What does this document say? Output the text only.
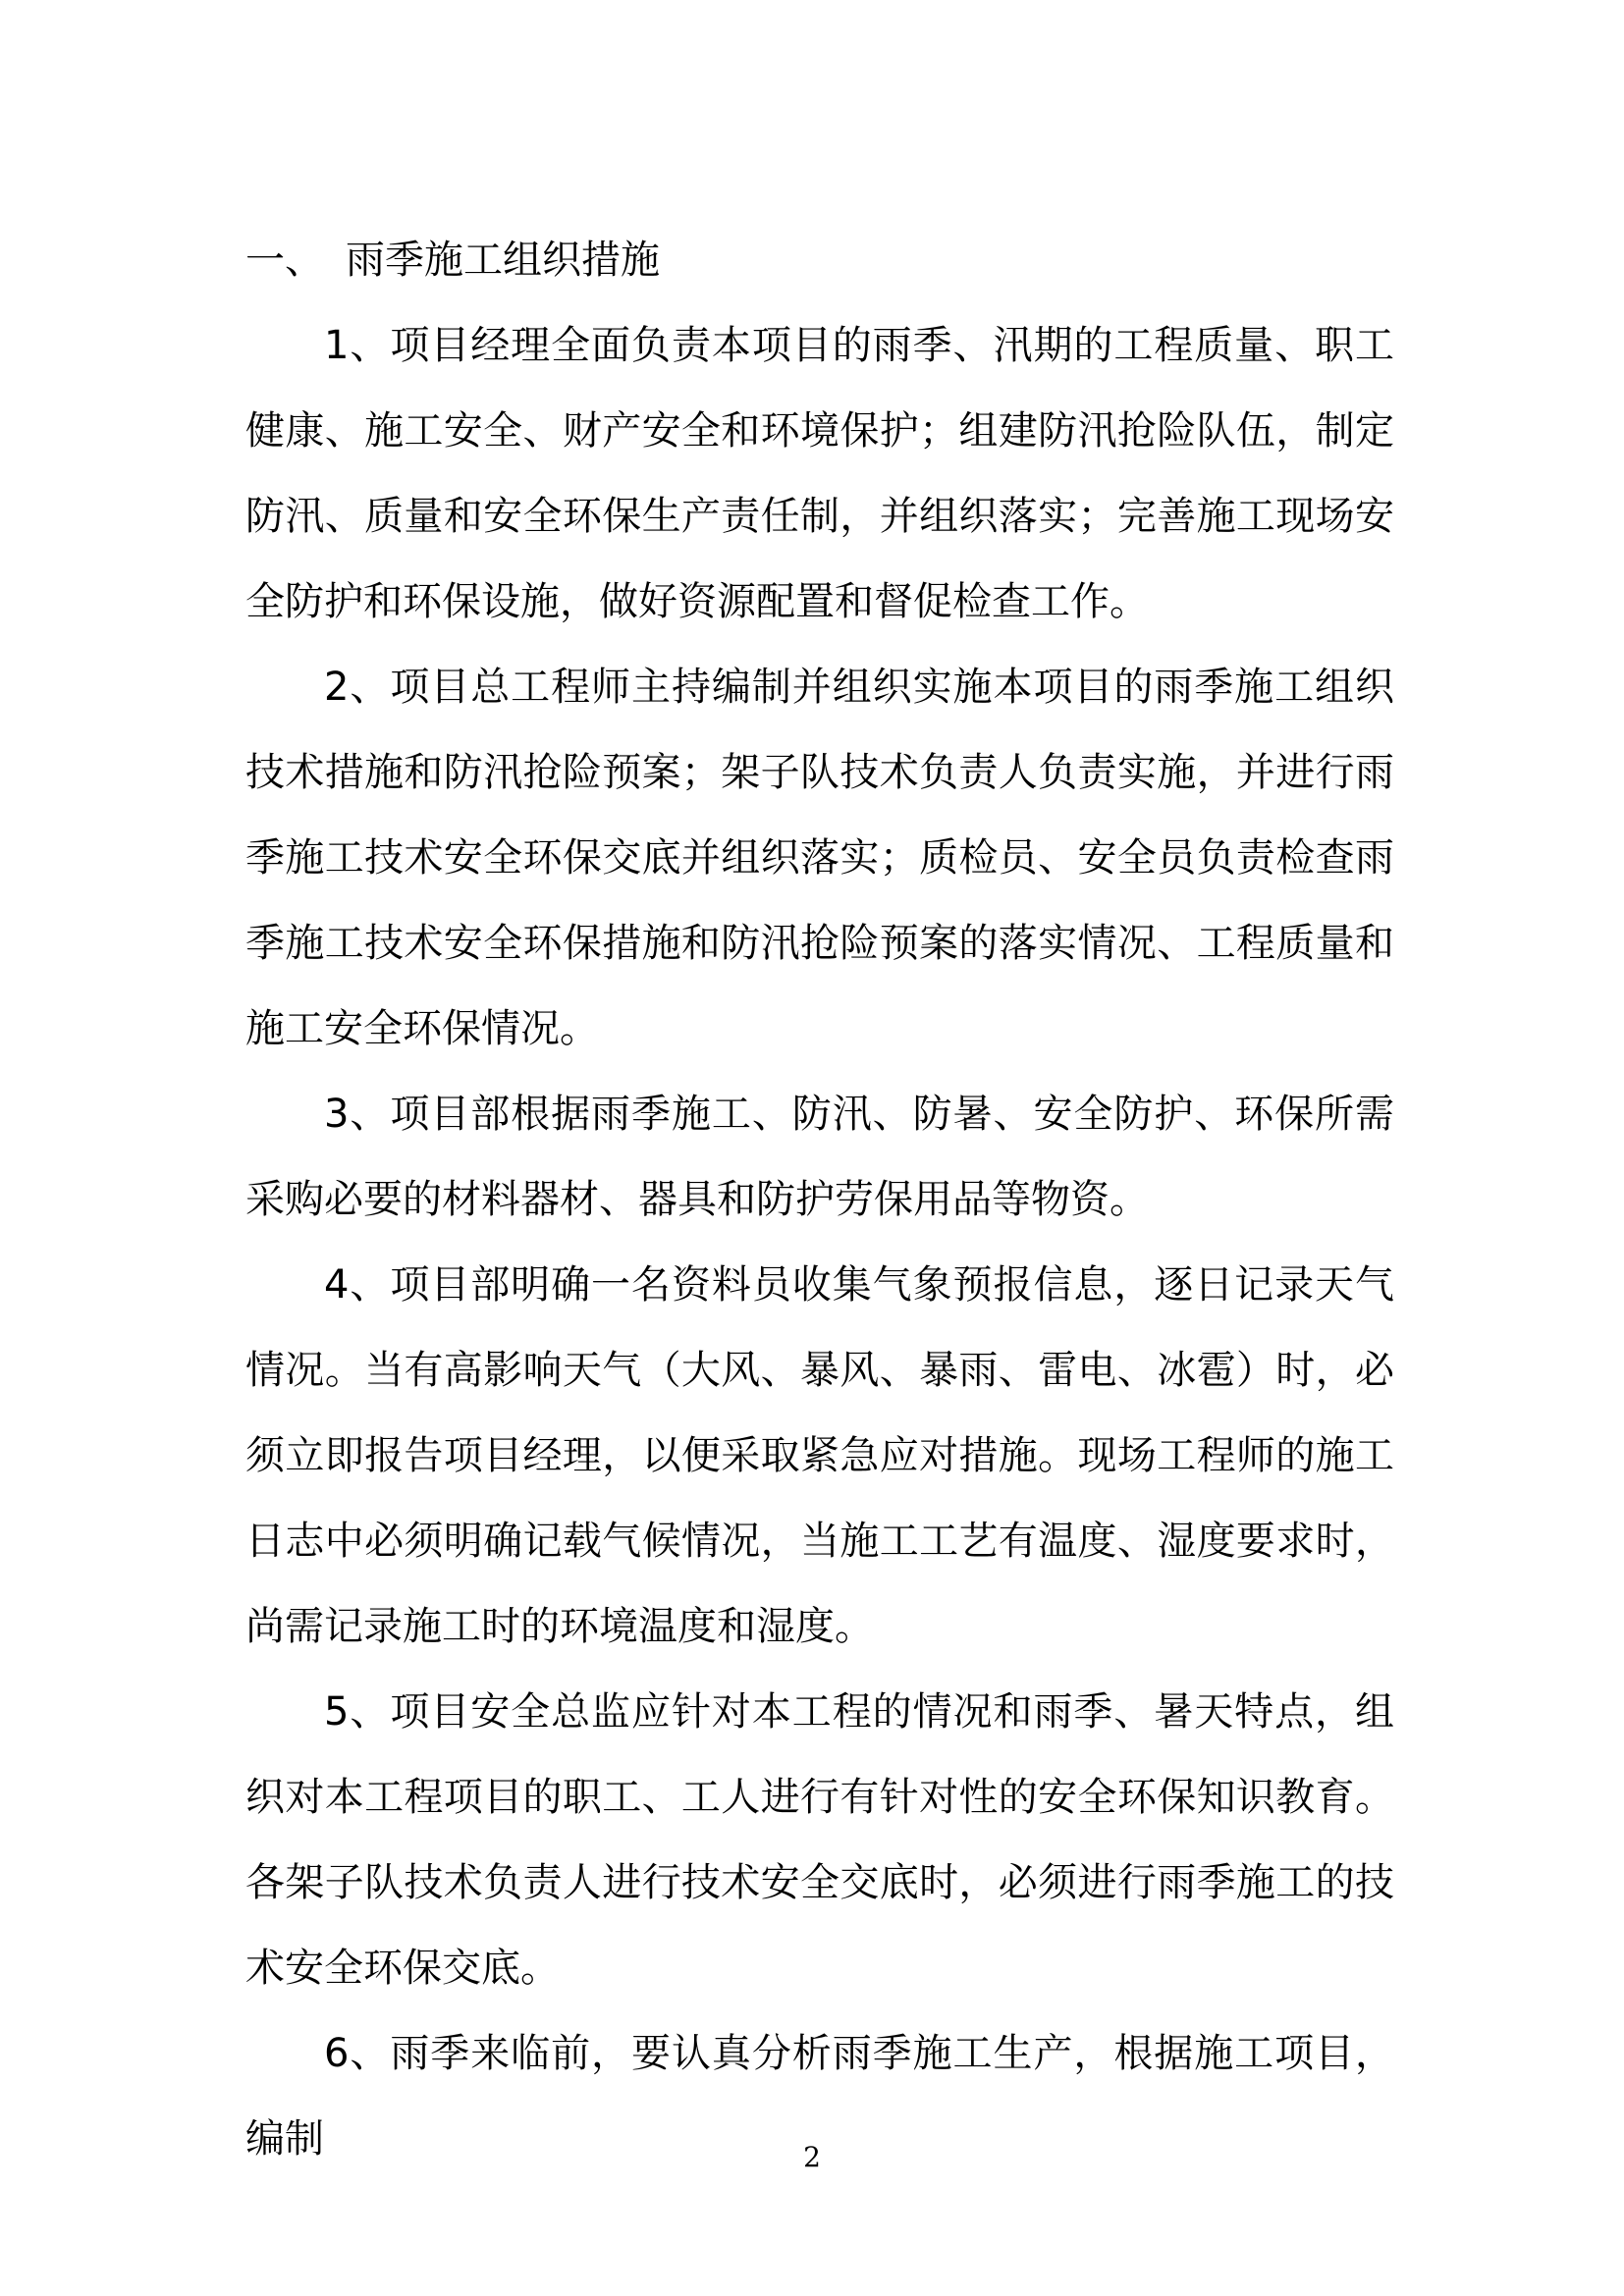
一、 雨季施工组织措施

1、项目经理全面负责本项目的雨季、汛期的工程质量、职工健康、施工安全、财产安全和环境保护；组建防汛抢险队伍，制定防汛、质量和安全环保生产责任制，并组织落实；完善施工现场安全防护和环保设施，做好资源配置和督促检查工作。

2、项目总工程师主持编制并组织实施本项目的雨季施工组织技术措施和防汛抢险预案；架子队技术负责人负责实施，并进行雨季施工技术安全环保交底并组织落实；质检员、安全员负责检查雨季施工技术安全环保措施和防汛抢险预案的落实情况、工程质量和施工安全环保情况。

3、项目部根据雨季施工、防汛、防暑、安全防护、环保所需采购必要的材料器材、器具和防护劳保用品等物资。

4、项目部明确一名资料员收集气象预报信息，逐日记录天气情况。当有高影响天气（大风、暴风、暴雨、雷电、冰雹）时，必须立即报告项目经理，以便采取紧急应对措施。现场工程师的施工日志中必须明确记载气候情况，当施工工艺有温度、湿度要求时，尚需记录施工时的环境温度和湿度。

5、项目安全总监应针对本工程的情况和雨季、暑天特点，组织对本工程项目的职工、工人进行有针对性的安全环保知识教育。各架子队技术负责人进行技术安全交底时，必须进行雨季施工的技术安全环保交底。

6、雨季来临前，要认真分析雨季施工生产，根据施工项目，编制	2
